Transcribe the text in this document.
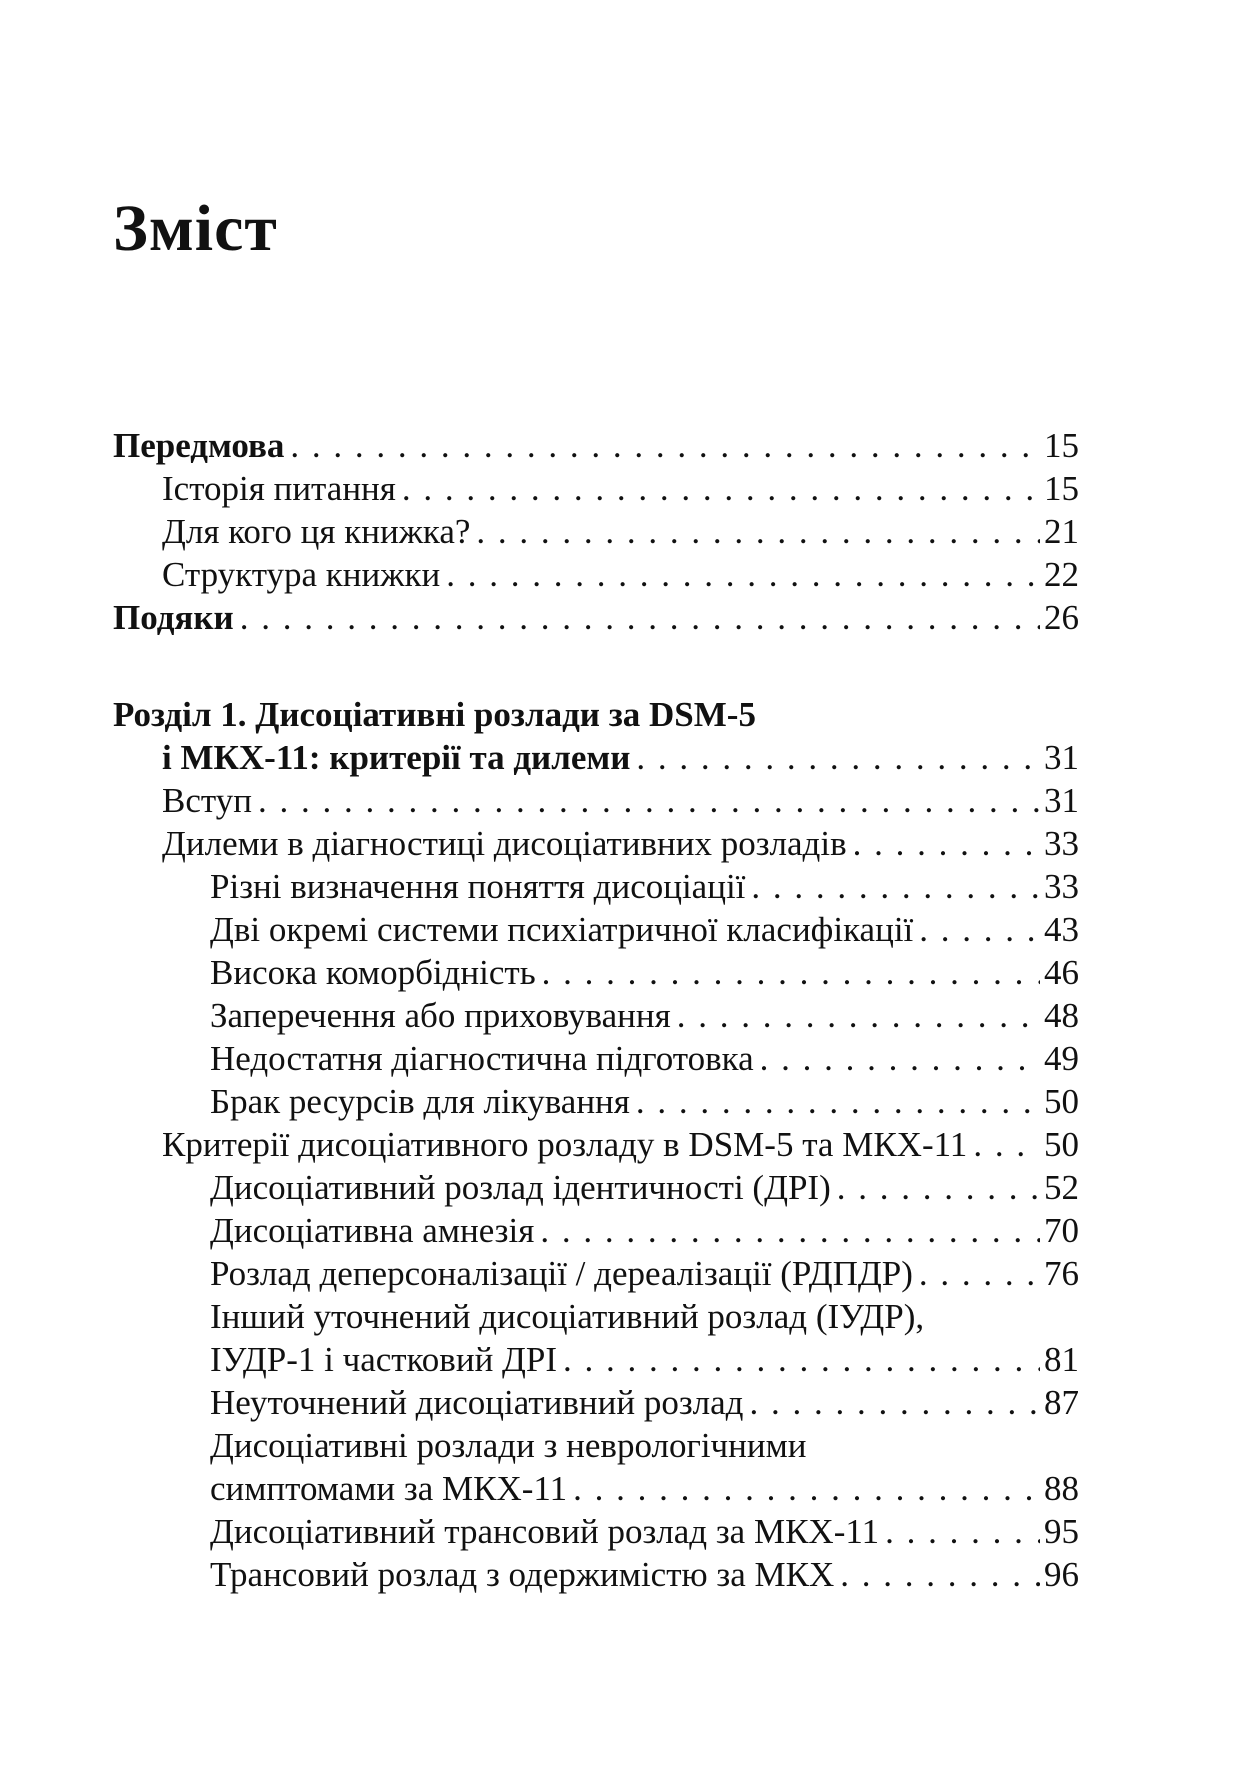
Зміст
Передмова . . .	15
Історія питання . . .	15
Для кого ця книжка? . . .	21
Структура книжки . . .	22
Подяки . . .	26
Розділ 1. Дисоціативні розлади за DSM-5
і МКХ-11: критерії та дилеми . . .	31
Вступ . . .	31
Дилеми в діагностиці дисоціативних розладів . . .	33
Різні визначення поняття дисоціації . . .	33
Дві окремі системи психіатричної класифікації . . .	43
Висока коморбідність . . .	46
Заперечення або приховування . . .	48
Недостатня діагностична підготовка . . .	49
Брак ресурсів для лікування . . .	50
Критерії дисоціативного розладу в DSM-5 та МКХ-11 . . . 50
Дисоціативний розлад ідентичності (ДРІ) . . .	52
Дисоціативна амнезія . . .	70
Розлад деперсоналізації / дереалізації (РДПДР) . . .	76
Інший уточнений дисоціативний розлад (ІУДР),
ІУДР-1 і частковий ДРІ . . .	81
Неуточнений дисоціативний розлад . . .	87
Дисоціативні розлади з неврологічними
симптомами за МКХ-11 . . .	88
Дисоціативний трансовий розлад за МКХ-11 . . .	95
Трансовий розлад з одержимістю за МКХ . . .	96
